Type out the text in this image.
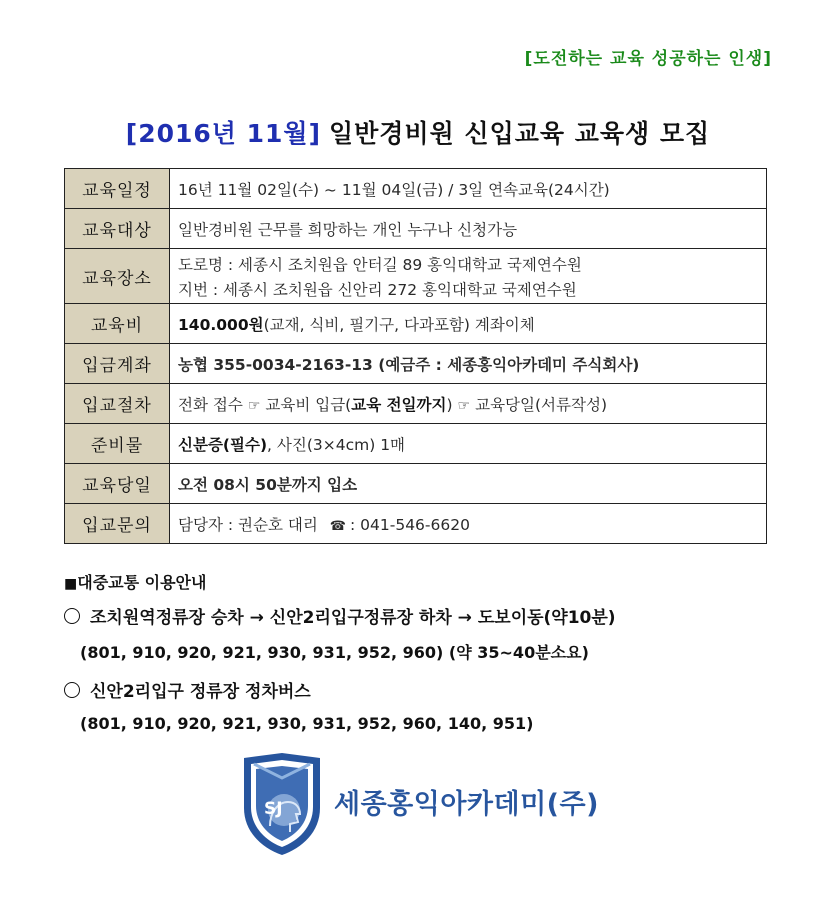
[도전하는 교육 성공하는 인생]
[2016년 11월] 일반경비원 신입교육 교육생 모집
교육일정	16년 11월 02일(수) ~ 11월 04일(금) / 3일 연속교육(24시간)
교육대상	일반경비원 근무를 희망하는 개인 누구나 신청가능
교육장소	도로명 : 세종시 조치원읍 안터길 89 홍익대학교 국제연수원
지번 : 세종시 조치원읍 신안리 272 홍익대학교 국제연수원

교육비	140.000원(교재, 식비, 필기구, 다과포함) 계좌이체
입금계좌	농협 355-0034-2163-13 (예금주 : 세종홍익아카데미 주식회사)
입교절차	전화 접수 ☞ 교육비 입금(교육 전일까지) ☞ 교육당일(서류작성)
준비물	신분증(필수), 사진(3×4cm) 1매
교육당일	오전 08시 50분까지 입소
입교문의	담당자 : 권순호 대리 ☎ : 041-546-6620
■대중교통 이용안내
조치원역정류장 승차 → 신안2리입구정류장 하차 → 도보이동(약10분)
(801, 910, 920, 921, 930, 931, 952, 960) (약 35~40분소요)
신안2리입구 정류장 정차버스
(801, 910, 920, 921, 930, 931, 952, 960, 140, 951)
SJ 세종홍익아카데미(주)
